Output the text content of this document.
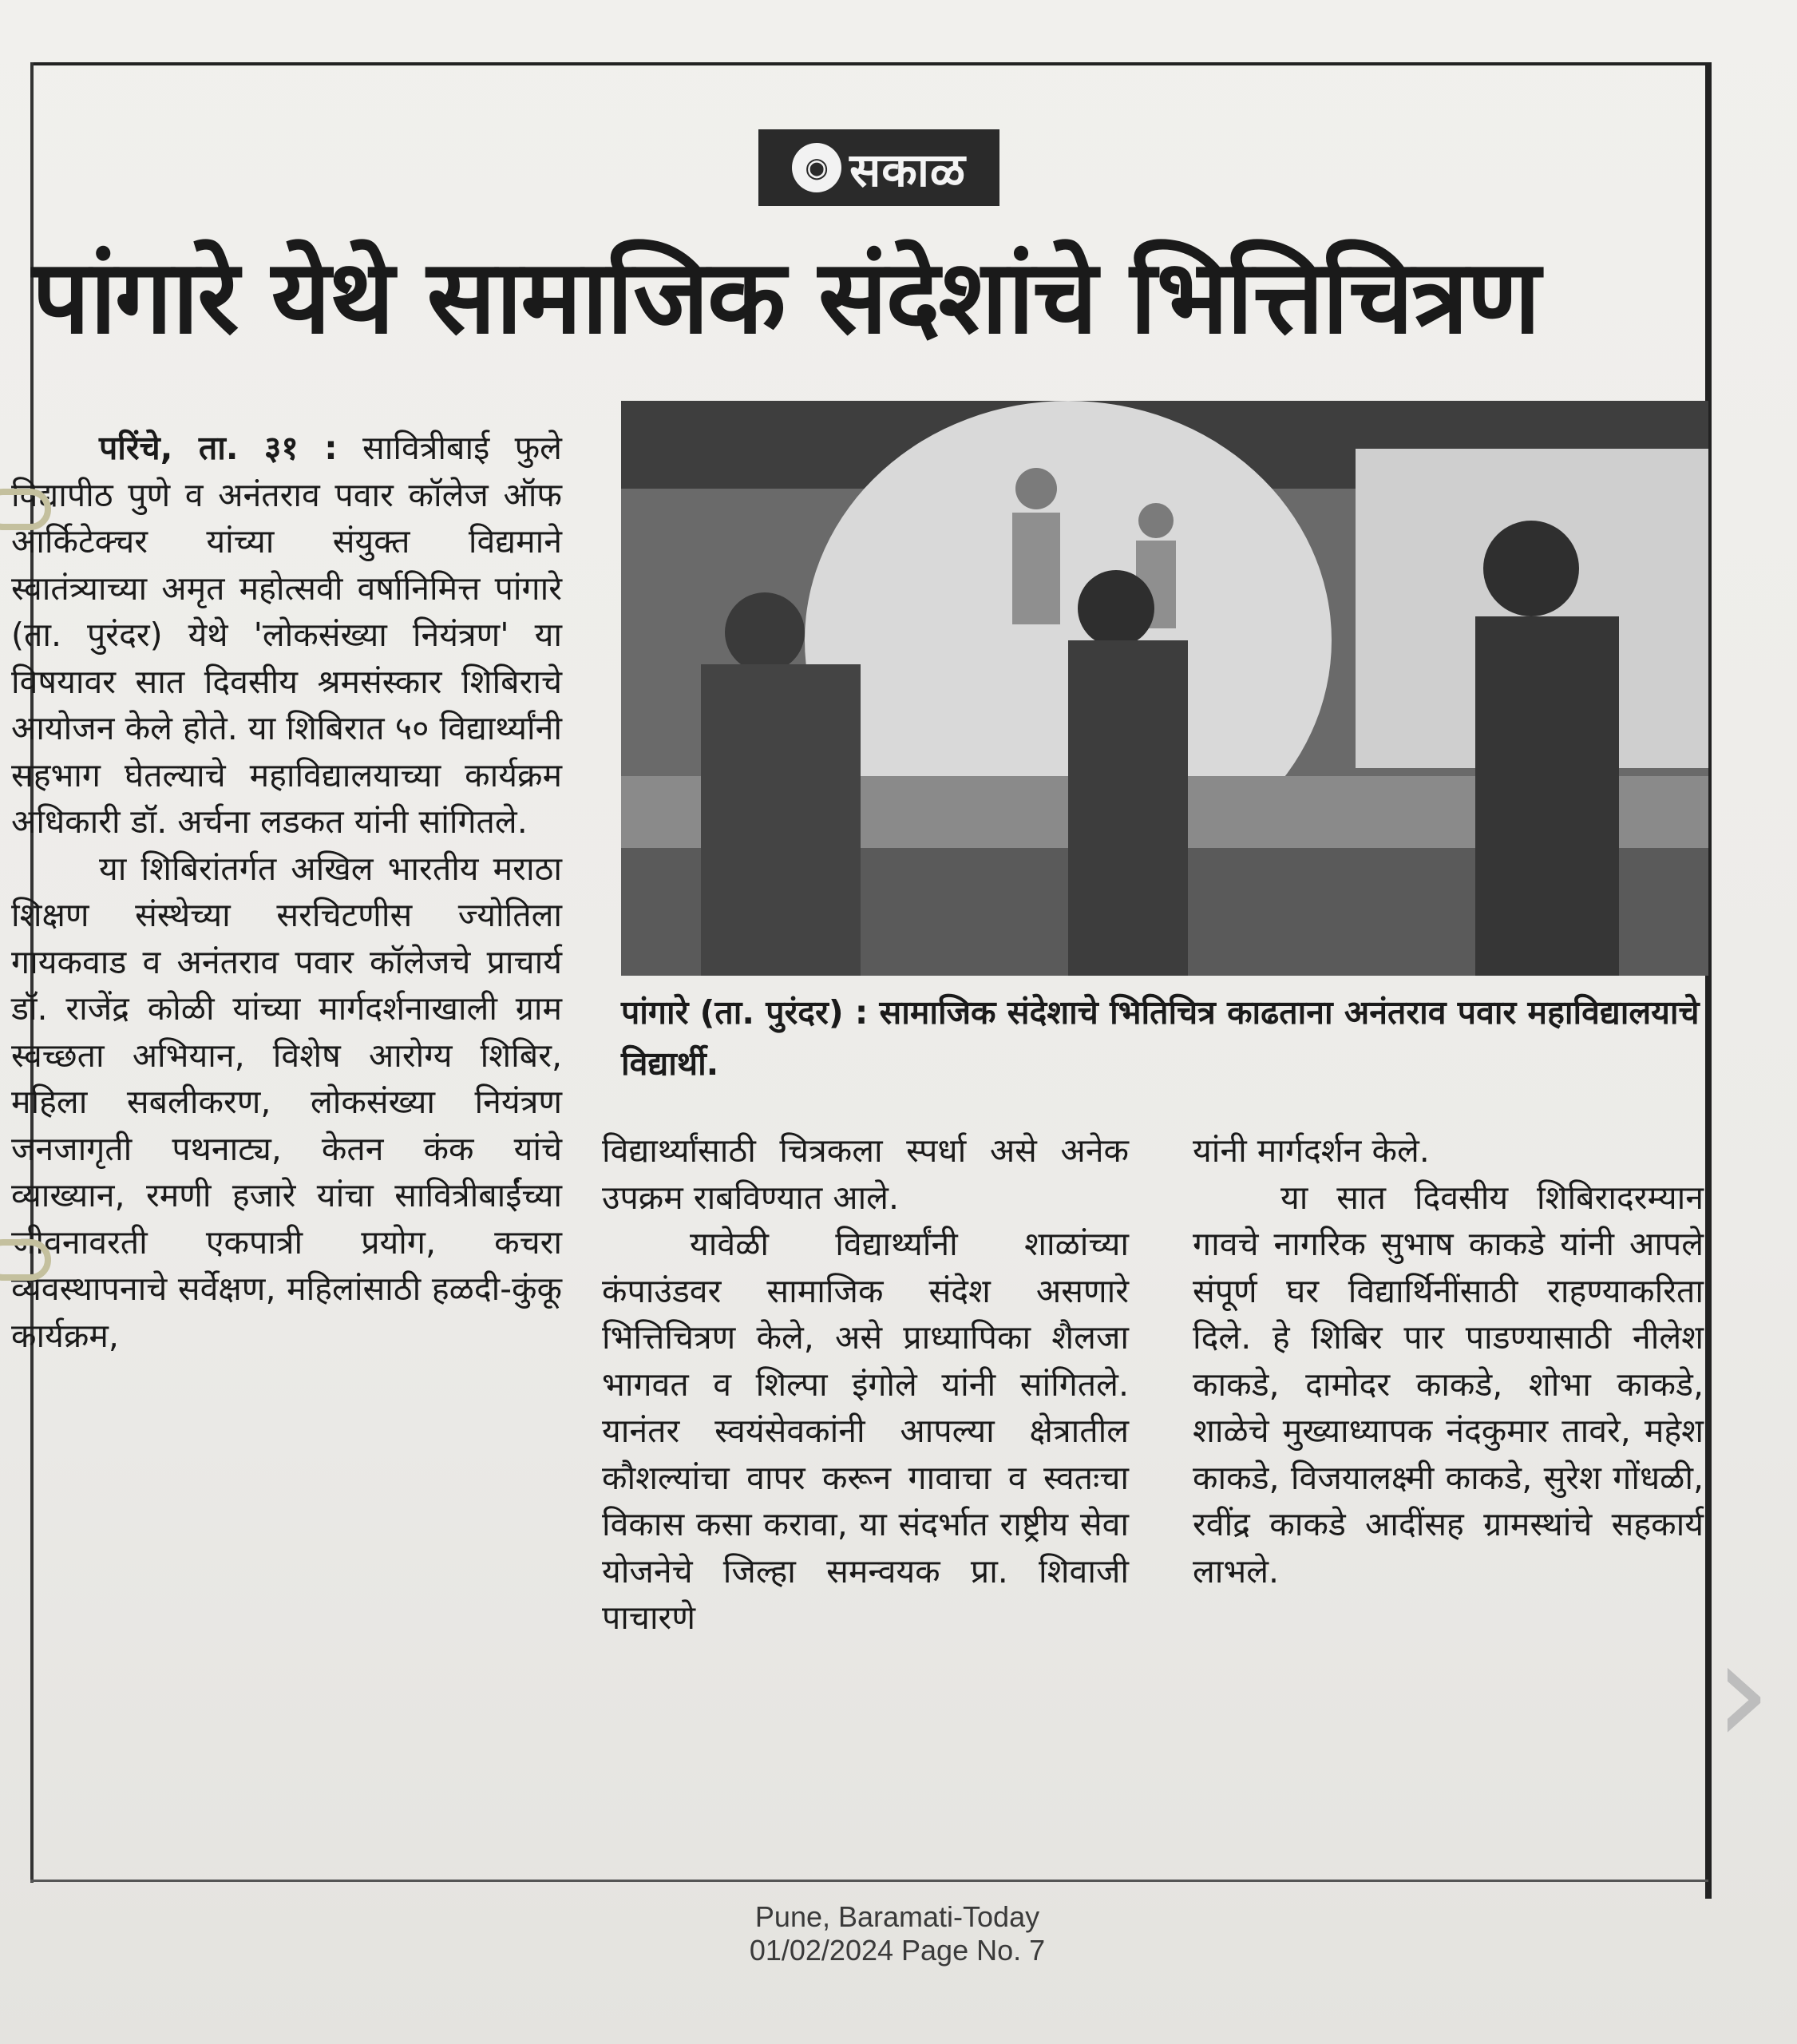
◉ सकाळ
पांगारे येथे सामाजिक संदेशांचे भित्तिचित्रण

परिंचे, ता. ३१ : सावित्रीबाई फुले विद्यापीठ पुणे व अनंतराव पवार कॉलेज ऑफ आर्किटेक्चर यांच्या संयुक्त विद्यमाने स्वातंत्र्याच्या अमृत महोत्सवी वर्षानिमित्त पांगारे (ता. पुरंदर) येथे 'लोकसंख्या नियंत्रण' या विषयावर सात दिवसीय श्रमसंस्कार शिबिराचे आयोजन केले होते. या शिबिरात ५० विद्यार्थ्यांनी सहभाग घेतल्याचे महाविद्यालयाच्या कार्यक्रम अधिकारी डॉ. अर्चना लडकत यांनी सांगितले.

या शिबिरांतर्गत अखिल भारतीय मराठा शिक्षण संस्थेच्या सरचिटणीस ज्योतिला गायकवाड व अनंतराव पवार कॉलेजचे प्राचार्य डॉ. राजेंद्र कोळी यांच्या मार्गदर्शनाखाली ग्राम स्वच्छता अभियान, विशेष आरोग्य शिबिर, महिला सबलीकरण, लोकसंख्या नियंत्रण जनजागृती पथनाट्य, केतन कंक यांचे व्याख्यान, रमणी हजारे यांचा सावित्रीबाईंच्या जीवनावरती एकपात्री प्रयोग, कचरा व्यवस्थापनाचे सर्वेक्षण, महिलांसाठी हळदी-कुंकू कार्यक्रम,

पांगारे (ता. पुरंदर) : सामाजिक संदेशाचे भितिचित्र काढताना अनंतराव पवार महाविद्यालयाचे विद्यार्थी.

विद्यार्थ्यांसाठी चित्रकला स्पर्धा असे अनेक उपक्रम राबविण्यात आले.

यावेळी विद्यार्थ्यांनी शाळांच्या कंपाउंडवर सामाजिक संदेश असणारे भित्तिचित्रण केले, असे प्राध्यापिका शैलजा भागवत व शिल्पा इंगोले यांनी सांगितले. यानंतर स्वयंसेवकांनी आपल्या क्षेत्रातील कौशल्यांचा वापर करून गावाचा व स्वतःचा विकास कसा करावा, या संदर्भात राष्ट्रीय सेवा योजनेचे जिल्हा समन्वयक प्रा. शिवाजी पाचारणे

यांनी मार्गदर्शन केले.

या सात दिवसीय शिबिरादरम्यान गावचे नागरिक सुभाष काकडे यांनी आपले संपूर्ण घर विद्यार्थिनींसाठी राहण्याकरिता दिले. हे शिबिर पार पाडण्यासाठी नीलेश काकडे, दामोदर काकडे, शोभा काकडे, शाळेचे मुख्याध्यापक नंदकुमार तावरे, महेश काकडे, विजयालक्ष्मी काकडे, सुरेश गोंधळी, रवींद्र काकडे आदींसह ग्रामस्थांचे सहकार्य लाभले.

Pune, Baramati-Today
01/02/2024 Page No. 7
›
